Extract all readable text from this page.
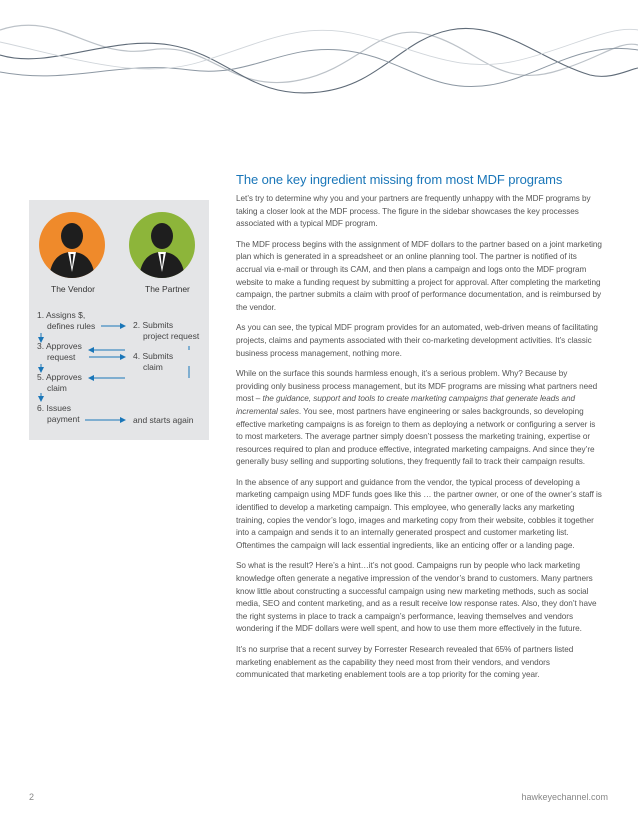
The Vendor	The Partner
1. Assigns $,
defines rules	2. Submits
project request
3. Approves
request	4. Submits
claim
5. Approves
claim
6. Issues
payment	and starts again
The one key ingredient missing from most MDF programs

Let’s try to determine why you and your partners are frequently unhappy with the MDF programs by taking a closer look at the MDF process. The figure in the sidebar showcases the key processes associated with a typical MDF program.

The MDF process begins with the assignment of MDF dollars to the partner based on a joint marketing plan which is generated in a spreadsheet or an online planning tool. The partner is notified of its accrual via e-mail or through its CAM, and then plans a campaign and logs onto the MDF program website to make a funding request by submitting a project for approval. After completing the marketing campaign, the partner submits a claim with proof of performance documentation, and is reimbursed by the vendor.

As you can see, the typical MDF program provides for an automated, web-driven means of facilitating projects, claims and payments associated with their co-marketing development activities. It’s classic business process management, nothing more.

While on the surface this sounds harmless enough, it’s a serious problem. Why? Because by providing only business process management, but its MDF programs are missing what partners need most – the guidance, support and tools to create marketing campaigns that generate leads and incremental sales. You see, most partners have engineering or sales backgrounds, so developing effective marketing campaigns is as foreign to them as deploying a network or configuring a server is to most marketers. The average partner simply doesn’t possess the marketing training, expertise or resources required to plan and produce effective, integrated marketing campaigns. And since they’re generally busy selling and supporting solutions, they frequently fail to track their campaign results.

In the absence of any support and guidance from the vendor, the typical process of developing a marketing campaign using MDF funds goes like this … the partner owner, or one of the owner’s staff is identified to develop a marketing campaign. This employee, who generally lacks any marketing training, copies the vendor’s logo, images and marketing copy from their website, cobbles it together into a campaign and sends it to an internally generated prospect and customer marketing list. Oftentimes the campaign will lack essential ingredients, like an enticing offer or a landing page.

So what is the result? Here’s a hint…it’s not good. Campaigns run by people who lack marketing knowledge often generate a negative impression of the vendor’s brand to customers. Many partners know little about constructing a successful campaign using new marketing methods, such as social media, SEO and content marketing, and as a result receive low response rates. Also, they don’t have the right systems in place to track a campaign’s performance, leaving themselves and vendors wondering if the MDF dollars were well spent, and how to use them more effectively in the future.

It’s no surprise that a recent survey by Forrester Research revealed that 65% of partners listed marketing enablement as the capability they need most from their vendors, and vendors communicated that marketing enablement tools are a top priority for the coming year.

2	hawkeyechannel.com
